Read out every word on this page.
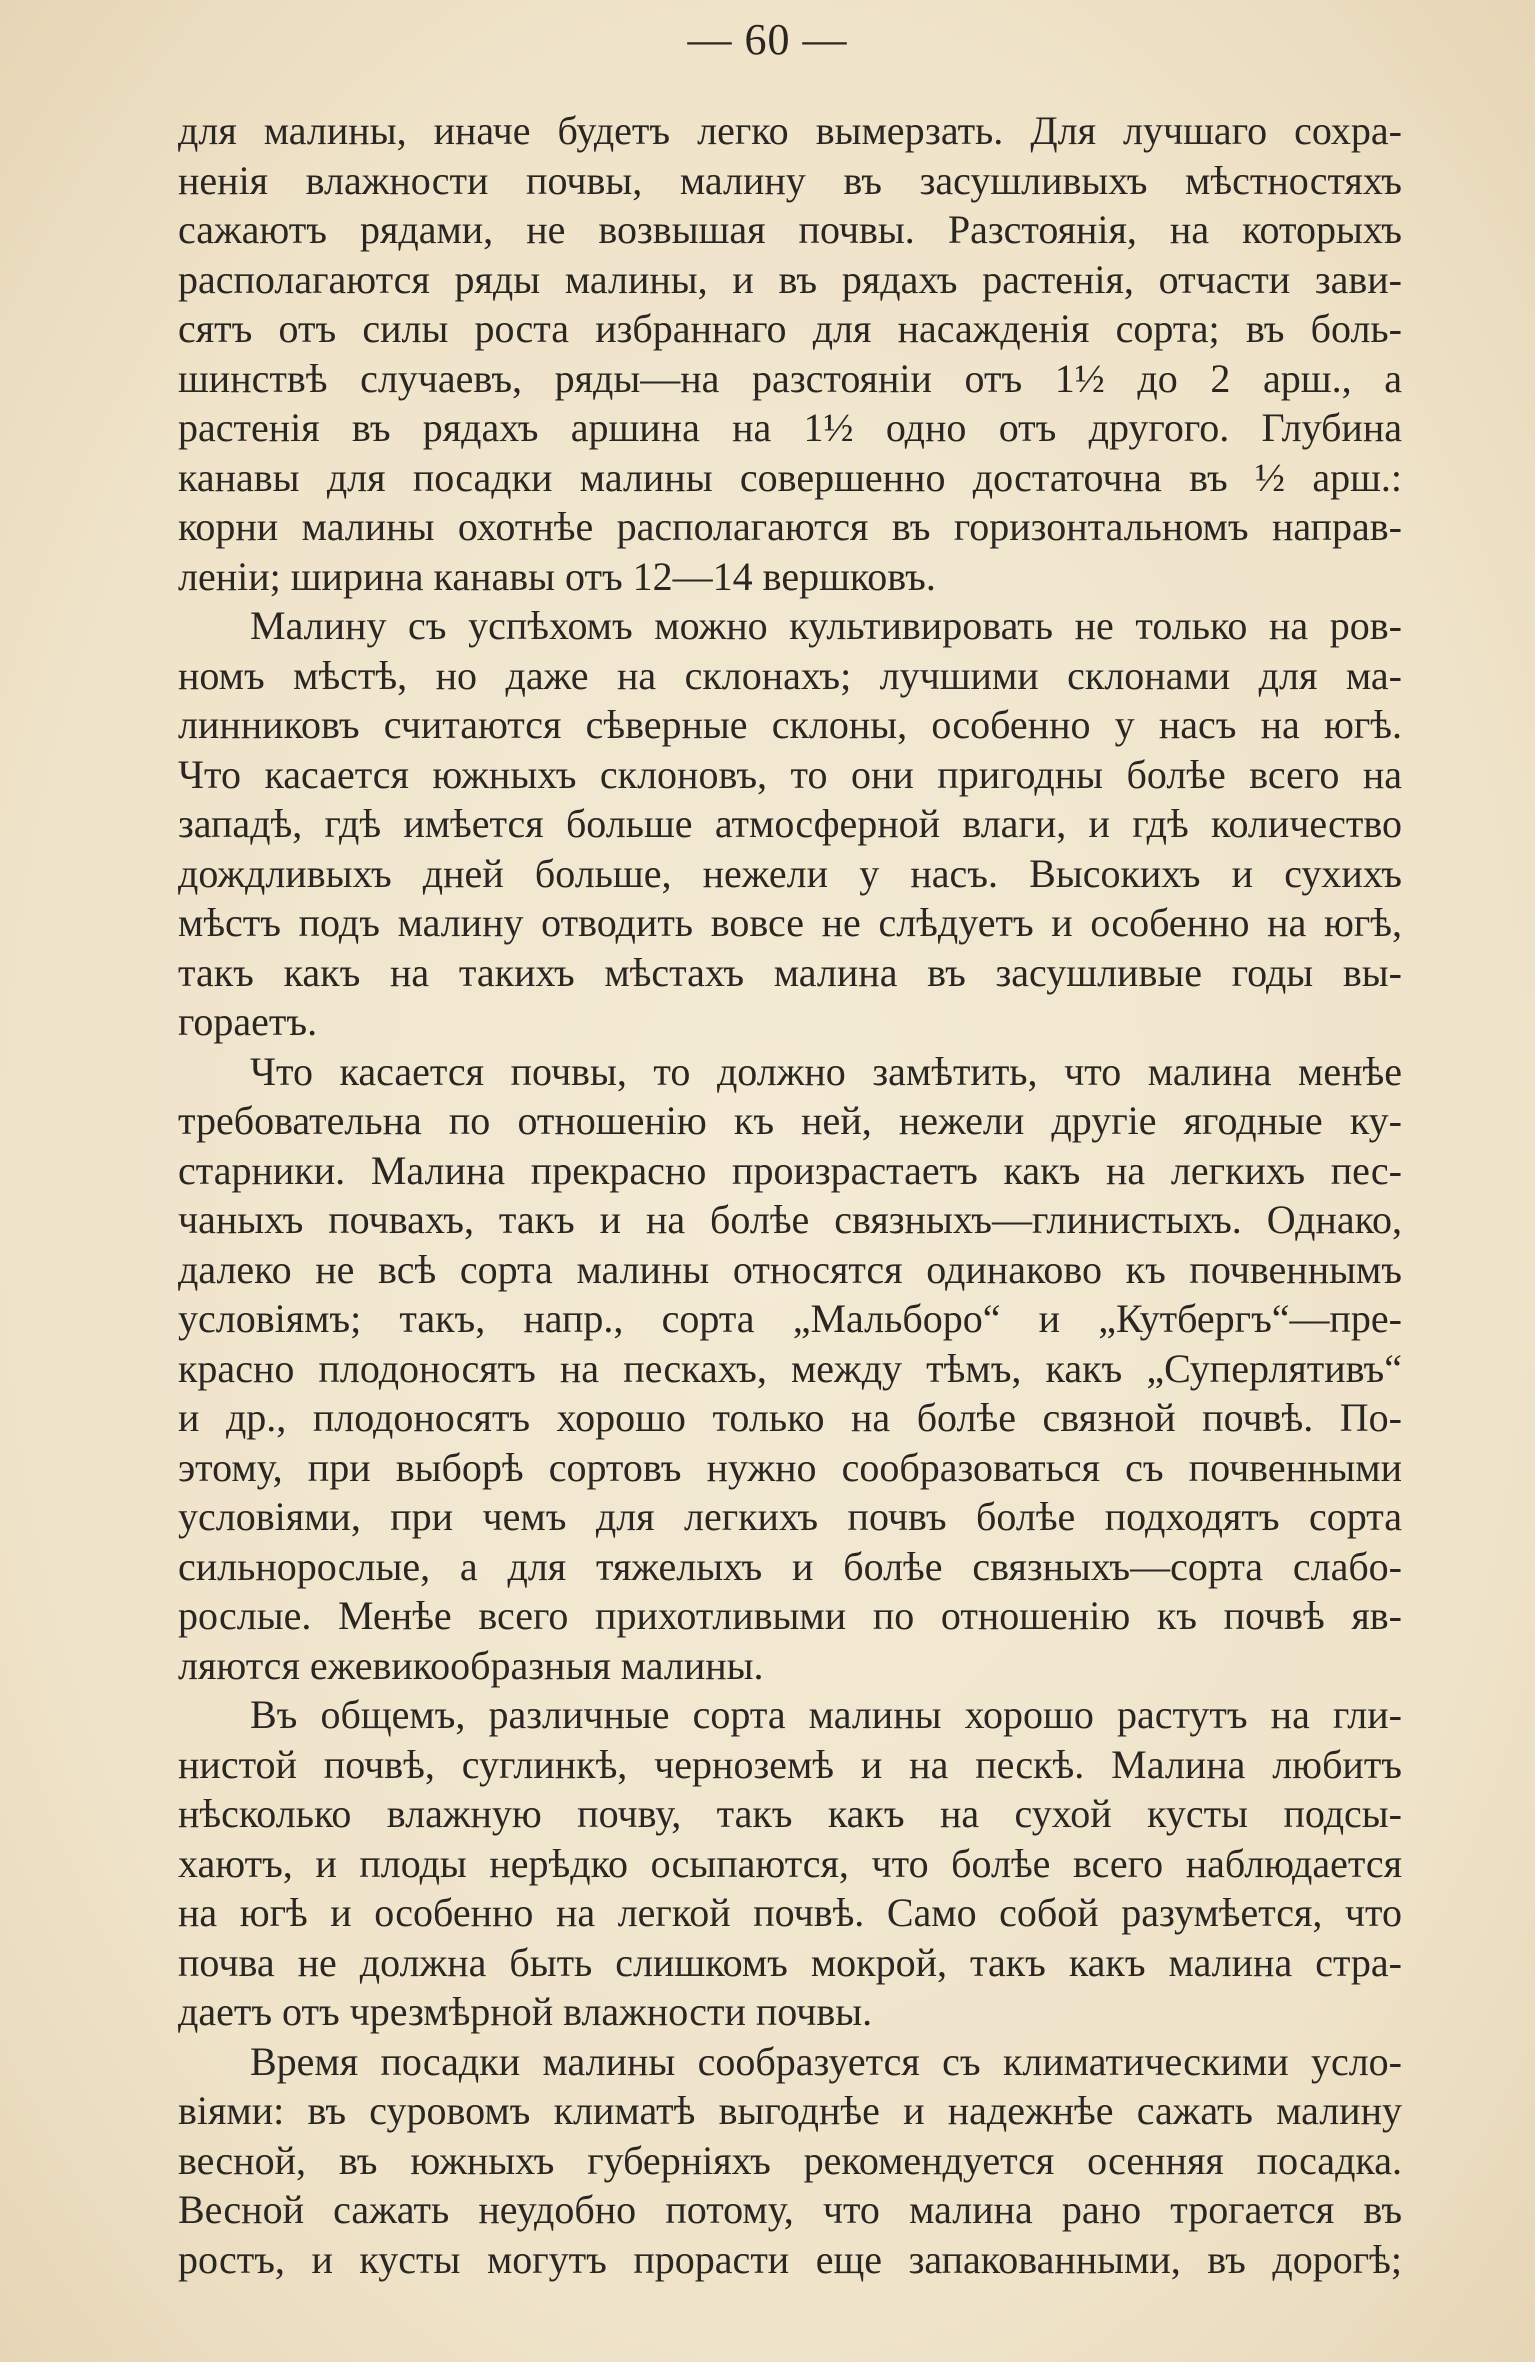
— 60 —
для малины, иначе будетъ легко вымерзать. Для лучшаго сохра-
ненія влажности почвы, малину въ засушливыхъ мѣстностяхъ
сажаютъ рядами, не возвышая почвы. Разстоянія, на которыхъ
располагаются ряды малины, и въ рядахъ растенія, отчасти зави-
сятъ отъ силы роста избраннаго для насажденія сорта; въ боль-
шинствѣ случаевъ, ряды—на разстояніи отъ 1½ до 2 арш., а
растенія въ рядахъ аршина на 1½ одно отъ другого. Глубина
канавы для посадки малины совершенно достаточна въ ½ арш.:
корни малины охотнѣе располагаются въ горизонтальномъ направ-
леніи; ширина канавы отъ 12—14 вершковъ.
Малину съ успѣхомъ можно культивировать не только на ров-
номъ мѣстѣ, но даже на склонахъ; лучшими склонами для ма-
линниковъ считаются сѣверные склоны, особенно у насъ на югѣ.
Что касается южныхъ склоновъ, то они пригодны болѣе всего на
западѣ, гдѣ имѣется больше атмосферной влаги, и гдѣ количество
дождливыхъ дней больше, нежели у насъ. Высокихъ и сухихъ
мѣстъ подъ малину отводить вовсе не слѣдуетъ и особенно на югѣ,
такъ какъ на такихъ мѣстахъ малина въ засушливые годы вы-
гораетъ.
Что касается почвы, то должно замѣтить, что малина менѣе
требовательна по отношенію къ ней, нежели другіе ягодные ку-
старники. Малина прекрасно произрастаетъ какъ на легкихъ пес-
чаныхъ почвахъ, такъ и на болѣе связныхъ—глинистыхъ. Однако,
далеко не всѣ сорта малины относятся одинаково къ почвеннымъ
условіямъ; такъ, напр., сорта „Мальборо“ и „Кутбергъ“—пре-
красно плодоносятъ на пескахъ, между тѣмъ, какъ „Суперлятивъ“
и др., плодоносятъ хорошо только на болѣе связной почвѣ. По-
этому, при выборѣ сортовъ нужно сообразоваться съ почвенными
условіями, при чемъ для легкихъ почвъ болѣе подходятъ сорта
сильнорослые, а для тяжелыхъ и болѣе связныхъ—сорта слабо-
рослые. Менѣе всего прихотливыми по отношенію къ почвѣ яв-
ляются ежевикообразныя малины.
Въ общемъ, различные сорта малины хорошо растутъ на гли-
нистой почвѣ, суглинкѣ, черноземѣ и на пескѣ. Малина любитъ
нѣсколько влажную почву, такъ какъ на сухой кусты подсы-
хаютъ, и плоды нерѣдко осыпаются, что болѣе всего наблюдается
на югѣ и особенно на легкой почвѣ. Само собой разумѣется, что
почва не должна быть слишкомъ мокрой, такъ какъ малина стра-
даетъ отъ чрезмѣрной влажности почвы.
Время посадки малины сообразуется съ климатическими усло-
віями: въ суровомъ климатѣ выгоднѣе и надежнѣе сажать малину
весной, въ южныхъ губерніяхъ рекомендуется осенняя посадка.
Весной сажать неудобно потому, что малина рано трогается въ
ростъ, и кусты могутъ прорасти еще запакованными, въ дорогѣ;
